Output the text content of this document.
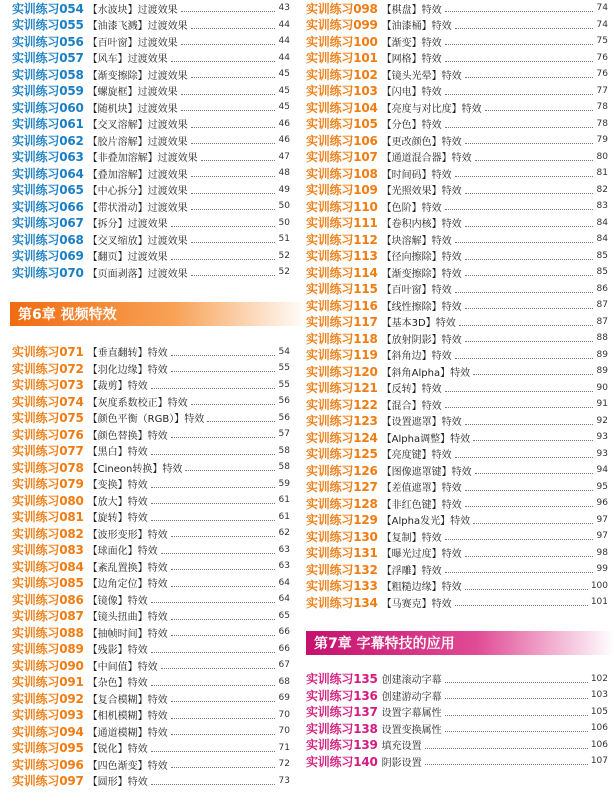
实训练习054 【水波块】过渡效果	43
实训练习055 【油漆飞溅】过渡效果	44
实训练习056 【百叶窗】过渡效果	44
实训练习057 【风车】过渡效果	44
实训练习058 【渐变擦除】过渡效果	45
实训练习059 【螺旋框】过渡效果	45
实训练习060 【随机块】过渡效果	45
实训练习061 【交叉溶解】过渡效果	46
实训练习062 【胶片溶解】过渡效果	46
实训练习063 【非叠加溶解】过渡效果	47
实训练习064 【叠加溶解】过渡效果	48
实训练习065 【中心拆分】过渡效果	49
实训练习066 【带状滑动】过渡效果	50
实训练习067 【拆分】过渡效果	50
实训练习068 【交叉缩放】过渡效果	51
实训练习069 【翻页】过渡效果	52
实训练习070 【页面剥落】过渡效果	52
第6章 视频特效
实训练习071 【垂直翻转】特效	54
实训练习072 【羽化边缘】特效	55
实训练习073 【裁剪】特效	55
实训练习074 【灰度系数校正】特效	56
实训练习075 【颜色平衡（RGB）】特效	56
实训练习076 【颜色替换】特效	57
实训练习077 【黑白】特效	58
实训练习078 【Cineon转换】特效	58
实训练习079 【变换】特效	59
实训练习080 【放大】特效	61
实训练习081 【旋转】特效	61
实训练习082 【波形变形】特效	62
实训练习083 【球面化】特效	63
实训练习084 【紊乱置换】特效	63
实训练习085 【边角定位】特效	64
实训练习086 【镜像】特效	64
实训练习087 【镜头扭曲】特效	65
实训练习088 【抽帧时间】特效	66
实训练习089 【残影】特效	66
实训练习090 【中间值】特效	67
实训练习091 【杂色】特效	68
实训练习092 【复合模糊】特效	69
实训练习093 【相机模糊】特效	70
实训练习094 【通道模糊】特效	70
实训练习095 【锐化】特效	71
实训练习096 【四色渐变】特效	72
实训练习097 【圆形】特效	73
实训练习098 【棋盘】特效	74
实训练习099 【油漆桶】特效	74
实训练习100 【渐变】特效	75
实训练习101 【网格】特效	76
实训练习102 【镜头光晕】特效	76
实训练习103 【闪电】特效	77
实训练习104 【亮度与对比度】特效	78
实训练习105 【分色】特效	78
实训练习106 【更改颜色】特效	79
实训练习107 【通道混合器】特效	80
实训练习108 【时间码】特效	81
实训练习109 【光照效果】特效	82
实训练习110 【色阶】特效	83
实训练习111 【卷积内核】特效	84
实训练习112 【块溶解】特效	84
实训练习113 【径向擦除】特效	85
实训练习114 【渐变擦除】特效	85
实训练习115 【百叶窗】特效	86
实训练习116 【线性擦除】特效	87
实训练习117 【基本3D】特效	87
实训练习118 【放射阴影】特效	88
实训练习119 【斜角边】特效	89
实训练习120 【斜角Alpha】特效	89
实训练习121 【反转】特效	90
实训练习122 【混合】特效	91
实训练习123 【设置遮罩】特效	92
实训练习124 【Alpha调整】特效	93
实训练习125 【亮度键】特效	93
实训练习126 【图像遮罩键】特效	94
实训练习127 【差值遮罩】特效	95
实训练习128 【非红色键】特效	96
实训练习129 【Alpha发光】特效	97
实训练习130 【复制】特效	97
实训练习131 【曝光过度】特效	98
实训练习132 【浮雕】特效	99
实训练习133 【粗糙边缘】特效	100
实训练习134 【马赛克】特效	101
第7章 字幕特技的应用
实训练习135 创建滚动字幕	102
实训练习136 创建游动字幕	103
实训练习137 设置字幕属性	105
实训练习138 设置变换属性	106
实训练习139 填充设置	106
实训练习140 阴影设置	107
